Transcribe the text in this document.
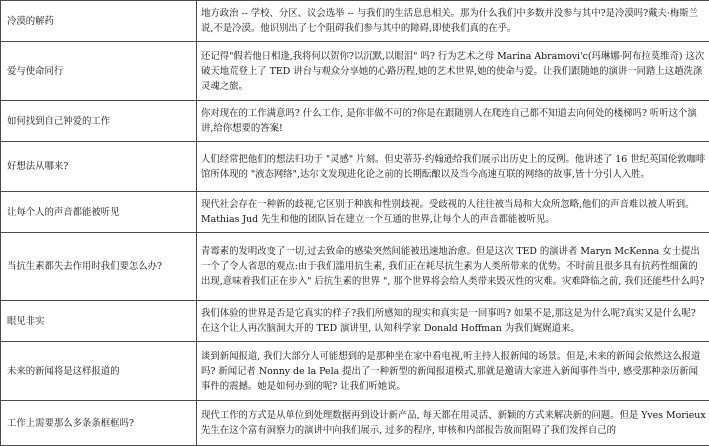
冷漠的解药	地方政治 -- 学校、分区、议会选举 -- 与我们的生活息息相关。那为什么我们中多数并没参与其中?是冷漠吗?戴夫·梅斯兰说,不是冷漠。他识别出了七个阻碍我们参与其中的障碍,即使我们真的在乎。
爱与使命同行	还记得"假若他日相逢,我将何以贺你?以沉默,以眼泪" 吗? 行为艺术之母 Marina Abramovi'c(玛琳娜·阿布拉莫维奇) 这次破天地荒登上了 TED 讲台与观众分享她的心路历程,她的艺术世界,她的使命与爱。让我们跟随她的演讲一同踏上这趟洗涤灵魂之旅。
如何找到自己钟爱的工作	你对现在的工作满意吗? 什么工作, 是你非做不可的?你是在跟随别人在爬连自己都不知道去向何处的楼梯吗? 听听这个演讲,给你想要的答案!
好想法从哪来?	人们经常把他们的想法归功于 "灵感" 片刻。但史蒂芬·约翰逊给我们展示出历史上的反例。他讲述了 16 世纪英国伦敦咖啡馆所体现的 "液态网络",达尔文发现进化论之前的长期酝酿以及当今高速互联的网络的故事,皆十分引人入胜。
让每个人的声音都能被听见	现代社会存在一种新的歧视,它区别于种族和性别歧视。受歧视的人往往被当局和大众所忽略,他们的声音难以被人听到。 Mathias Jud 先生和他的团队旨在建立一个互通的世界,让每个人的声音都能被听见。
当抗生素都失去作用时我们要怎么办?	青霉素的发明改变了一切,过去致命的感染突然间能被迅速地治愈。但是这次 TED 的演讲者 Maryn McKenna 女士提出一个了令人省思的观点:由于我们滥用抗生素, 我们正在耗尽抗生素为人类所带来的优势。不时前且很多具有抗药性细菌的出现,意味着我们正在步入" 后抗生素的世界 ", 那个世界将会给人类带来毁灭性的灾难。灾难降临之前, 我们还能些什么吗?
眼见非实	我们体验的世界是否是它真实的样子?我们所感知的现实和真实是一回事吗? 如果不是,那这是为什么呢?真实又是什么呢? 在这个让人再次脑洞大开的 TED 演讲里, 认知科学家 Donald Hoffman 为我们娓娓道来。
未来的新闻将是这样报道的	谈到新闻报道, 我们大部分人可能想到的是那种坐在家中看电视,听主持人报新闻的场景。但是,未来的新闻会依然这么报道吗? 新闻记者 Nonny de la Pela 提出了一种新型的新闻报道模式,那就是邀请大家进入新闻事件当中, 感受那种亲历新闻事件的震撼。她是如何办到的呢? 让我们听她说。
工作上需要那么多条条框框吗?	现代工作的方式是从单位到处理数据再到设计新产品, 每天都在用灵活、新颖的方式来解决新的问题。但是 Yves Morieux 先生在这个富有洞察力的演讲中向我们展示, 过多的程序, 审核和内部报告放而阻碍了我们发挥自己的
